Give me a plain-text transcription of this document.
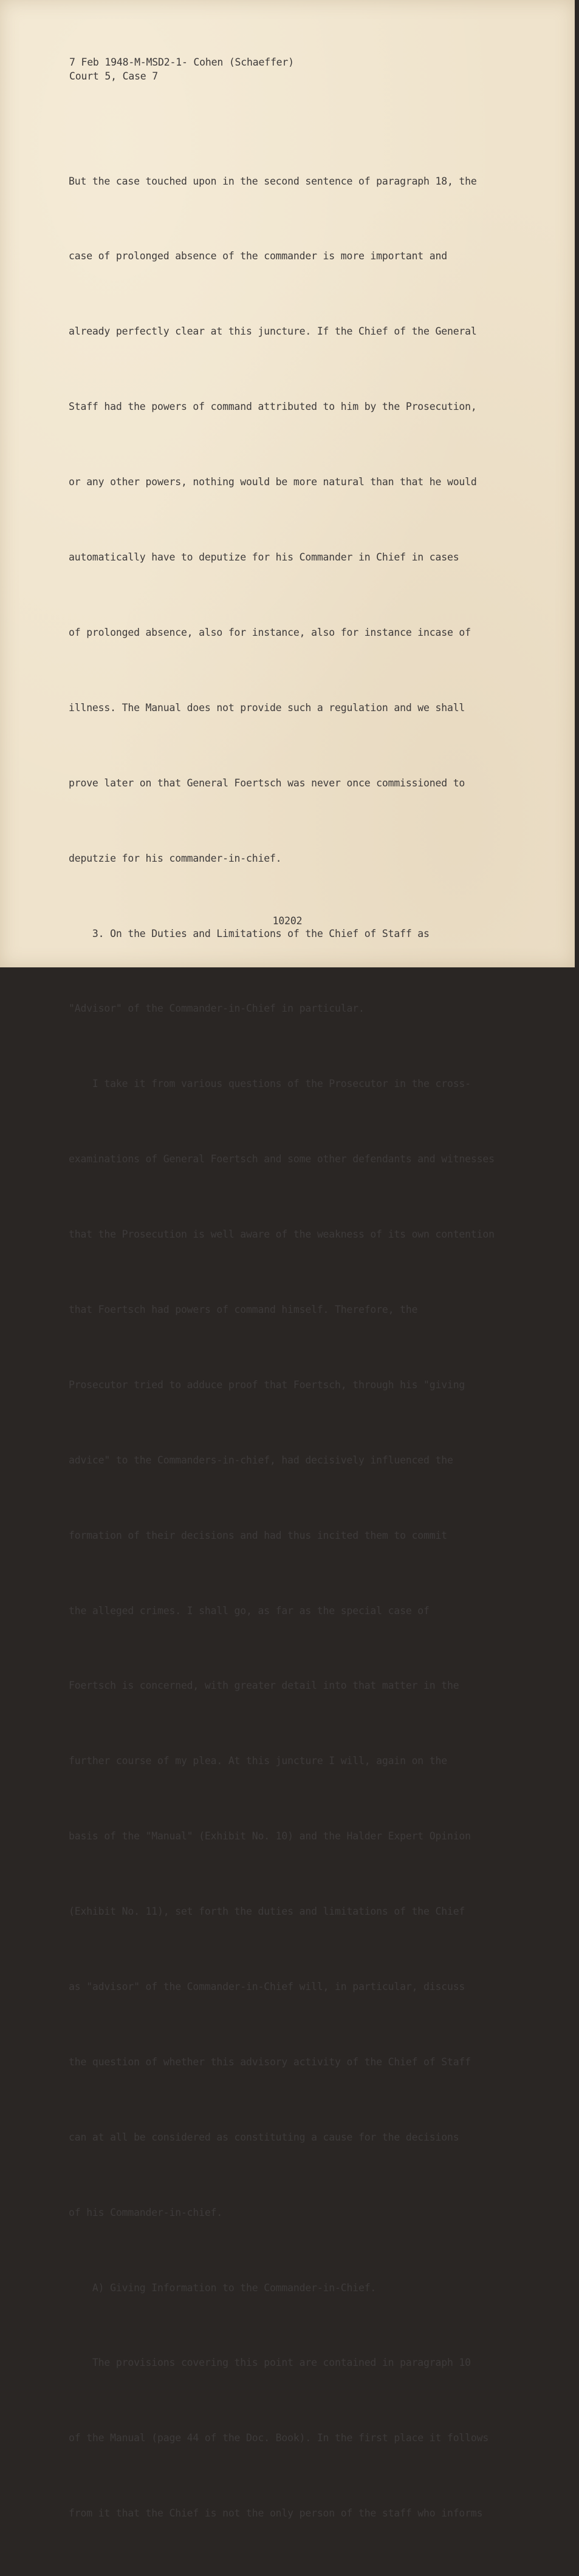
7 Feb 1948-M-MSD2-1- Cohen (Schaeffer)
Court 5, Case 7

But the case touched upon in the second sentence of paragraph 18, the

case of prolonged absence of the commander is more important and

already perfectly clear at this juncture. If the Chief of the General

Staff had the powers of command attributed to him by the Prosecution,

or any other powers, nothing would be more natural than that he would

automatically have to deputize for his Commander in Chief in cases

of prolonged absence, also for instance, also for instance incase of

illness. The Manual does not provide such a regulation and we shall

prove later on that General Foertsch was never once commissioned to

deputzie for his commander-in-chief.

3. On the Duties and Limitations of the Chief of Staff as

"Advisor" of the Commander-in-Chief in particular.

I take it from various questions of the Prosecutor in the cross-

examinations of General Foertsch and some other defendants and witnesses

that the Prosecution is well aware of the weakness of its own contention

that Foertsch had powers of command himself. Therefore, the

Prosecutor tried to adduce proof that Foertsch, through his "giving

advice" to the Commanders-in-chief, had decisively influenced the

formation of their decisions and had thus incited them to commit

the alleged crimes. I shall go, as far as the special case of

Foertsch is concerned, with greater detail into that matter in the

further course of my plea. At this juncture I will, again on the

basis of the "Manual" (Exhibit No. 10) and the Halder Expert Opinion

(Exhibit No. 11), set forth the duties and limitations of the Chief

as "advisor" of the Commander-in-Chief will, in particular, discuss

the question of whether this advisory activity of the Chief of Staff

can at all be considered as constituting a cause for the decisions

of his Commander-in-chief.

A) Giving Information to the Commander-in-Chief.

The provisions covering this point are contained in paragraph 10

of the Manual (page 44 of the Doc. Book). In the first place it follows

from it that the Chief is not the only person of the staff who informs

10202
